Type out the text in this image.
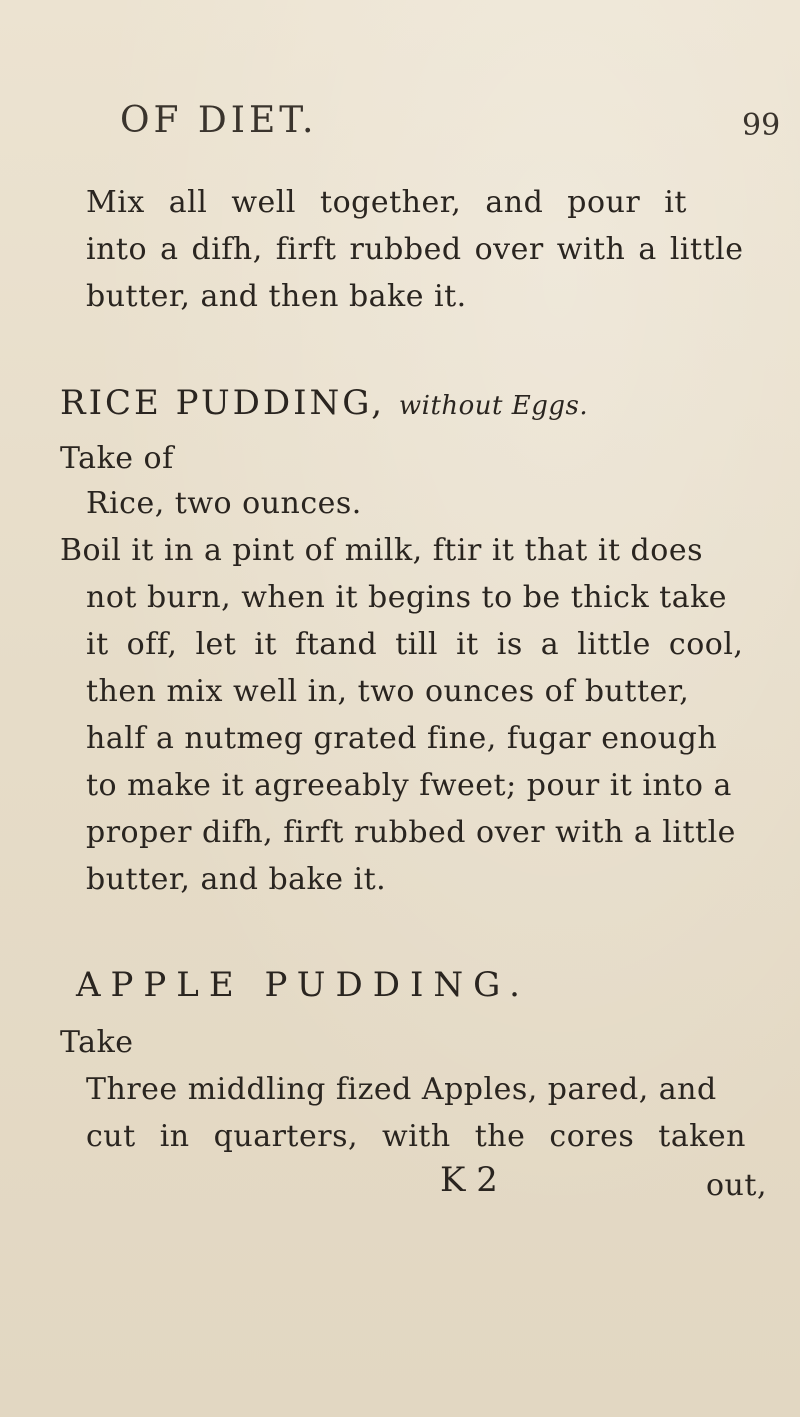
OF DIET.	99
Mix all well together, and pour it
into a difh, firft rubbed over with a little
butter, and then bake it.
RICE PUDDING, without Eggs.
Take of
Rice, two ounces.
Boil it in a pint of milk, ftir it that it does
not burn, when it begins to be thick take
it off, let it ftand till it is a little cool,
then mix well in, two ounces of butter,
half a nutmeg grated fine, fugar enough
to make it agreeably fweet; pour it into a
proper difh, firft rubbed over with a little
butter, and bake it.
APPLE PUDDING.
Take
Three middling fized Apples, pared, and
cut in quarters, with the cores taken
K 2	out,
